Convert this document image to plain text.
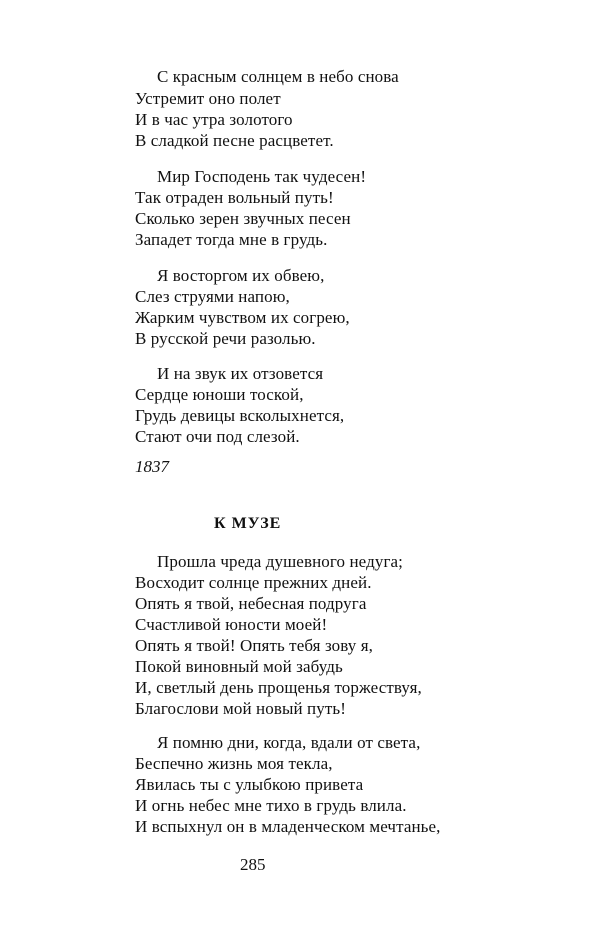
С красным солнцем в небо снова
Устремит оно полет
И в час утра золотого
В сладкой песне расцветет.
Мир Господень так чудесен!
Так отраден вольный путь!
Сколько зерен звучных песен
Западет тогда мне в грудь.
Я восторгом их обвею,
Слез струями напою,
Жарким чувством их согрею,
В русской речи разолью.
И на звук их отзовется
Сердце юноши тоской,
Грудь девицы всколыхнется,
Стают очи под слезой.
1837
К МУЗЕ
Прошла чреда душевного недуга;
Восходит солнце прежних дней.
Опять я твой, небесная подруга
Счастливой юности моей!
Опять я твой! Опять тебя зову я,
Покой виновный мой забудь
И, светлый день прощенья торжествуя,
Благослови мой новый путь!
Я помню дни, когда, вдали от света,
Беспечно жизнь моя текла,
Явилась ты с улыбкою привета
И огнь небес мне тихо в грудь влила.
И вспыхнул он в младенческом мечтанье,
285
